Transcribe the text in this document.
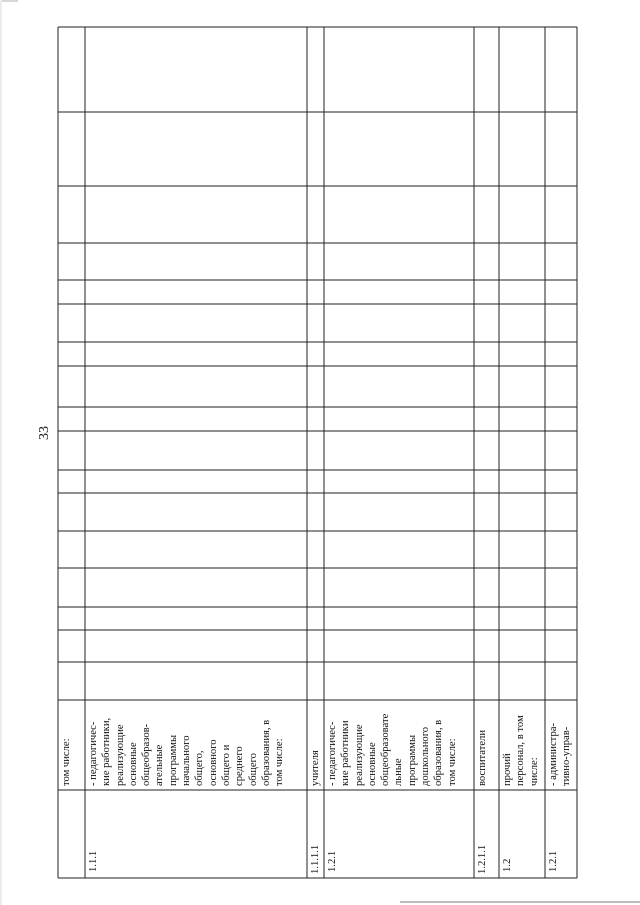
33
том числе:
1.1.1
- педагогичес- кие работники, реализующие основные общеобразов- ательные программы начального общего, основного общего и среднего общего образования, в том числе:
1.1.1.1
учителя
1.2.1
- педагогичес- кие работники реализующие основные общеобразовате льные программы дошкольного образования, в том числе:
1.2.1.1
воспитатели
1.2
прочий персонал, в том числе:
1.2.1
- администра- тивно-управ-
